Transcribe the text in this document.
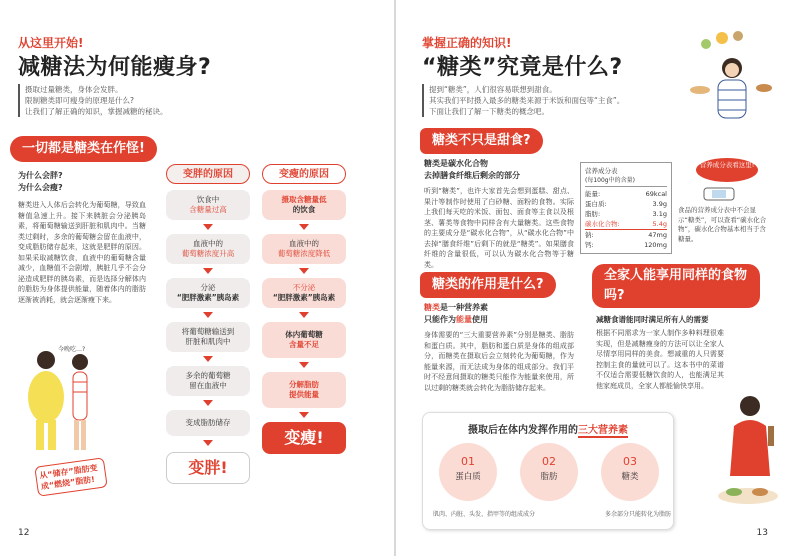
从这里开始!
减糖法为何能瘦身?
摄取过量糖类，身体会发胖。
限制糖类即可瘦身的原理是什么?
让我们了解正确的知识，掌握减糖的秘诀。
一切都是糖类在作怪!
为什么会胖?
为什么会瘦?
糖类进入人体后会转化为葡萄糖，导致血糖值急速上升。接下来胰脏会分泌胰岛素，将葡萄糖输送到肝脏和肌肉中。当糖类过剩时，多余的葡萄糖会留在血液中，变成脂肪储存起来，这就是肥胖的原因。如果采取减糖饮食，血液中的葡萄糖含量减少，血糖值不会剧增，胰脏几乎不会分泌造成肥胖的胰岛素，而是选择分解体内的脂肪为身体提供能量，随着体内的脂肪逐渐被消耗，就会逐渐瘦下来。
今晚吃…?
从“储存”脂肪变成“燃烧”脂肪!
变胖的原因	变瘦的原因
饮食中
含糖量过高
血液中的
葡萄糖浓度升高
分泌
“肥胖激素”胰岛素
将葡萄糖输送到
肝脏和肌肉中
多余的葡萄糖
留在血液中
变成脂肪储存
变胖!
摄取含糖量低
的饮食
血液中的
葡萄糖浓度降低
不分泌
“肥胖激素”胰岛素
体内葡萄糖
含量不足
分解脂肪
提供能量
变瘦!
12
掌握正确的知识!
“糖类”究竟是什么?
提到“糖类”，人们很容易联想到甜食。
其实我们平时摄入最多的糖类来源于米饭和面包等“主食”。
下面让我们了解一下糖类的概念吧。
糖类不只是甜食?
糖类是碳水化合物
去掉膳食纤维后剩余的部分
听到“糖类”，也许大家首先会想到蛋糕、甜点、果汁等制作时使用了白砂糖、面粉的食物。实际上我们每天吃的米饭、面包、面食等主食以及根茎、薯类等食物中同样含有大量糖类。这些食物的主要成分是“碳水化合物”，从“碳水化合物”中去掉“膳食纤维”后剩下的就是“糖类”。如果膳食纤维的含量很低，可以认为碳水化合物等于糖类。
营养成分表
(每100g中的含量)
能量:	69kcal
蛋白质:	3.9g
脂肪:	3.1g
碳水化合物:	5.4g
钠:	47mg
钙:	120mg
营养成分表看这里!
食品的营养成分表中不会显示“糖类”，可以查看“碳水化合物”，碳水化合物基本相当于含糖量。
糖类的作用是什么?
糖类是一种营养素
只能作为能量使用
身体需要的“三大重要营养素”分别是糖类、脂肪和蛋白质。其中，脂肪和蛋白质是身体的组成部分，而糖类在摄取后会立刻转化为葡萄糖，作为能量来源，而无法成为身体的组成部分。我们平时不经意间摄取的糖类只能作为能量来使用，所以过剩的糖类就会转化为脂肪储存起来。
全家人能享用同样的食物吗?
减糖食谱能同时满足所有人的需要
根据不同需求为一家人制作多种料理很难实现，但是减糖瘦身的方法可以让全家人尽情享用同样的美食。想减重的人只需要控制主食的量就可以了。这本书中的菜谱不仅适合需要低糖饮食的人，也能满足其他家庭成员，全家人都能愉快享用。
摄取后在体内发挥作用的三大营养素
01
蛋白质
02
脂肪
03
糖类
肌肉、内脏、头发、指甲等的组成成分	多余部分只能转化为脂肪
13
